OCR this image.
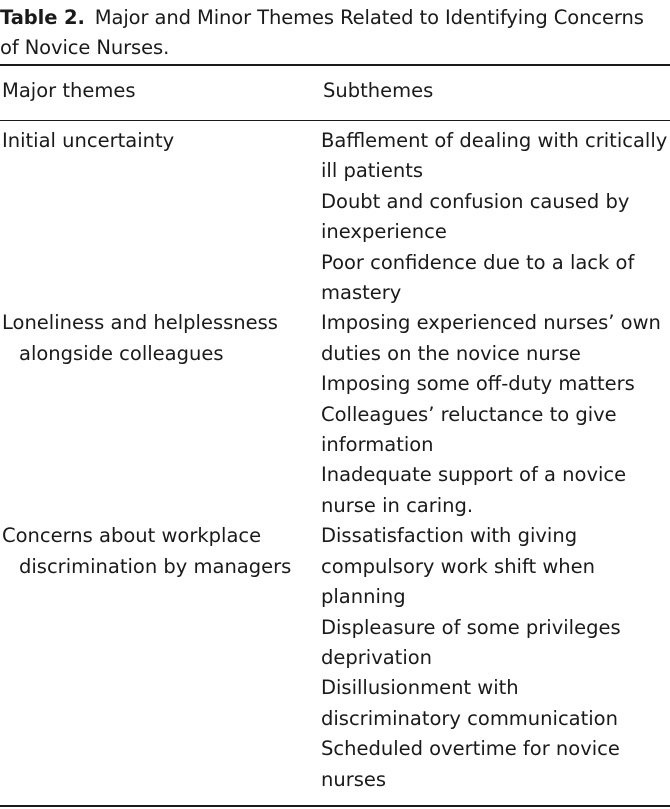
Table 2. Major and Minor Themes Related to Identifying Concerns
of Novice Nurses.
Major themes	Subthemes
Initial uncertainty	Bafflement of dealing with critically
ill patients
Doubt and confusion caused by
inexperience
Poor confidence due to a lack of
mastery
Loneliness and helplessness
alongside colleagues
Imposing experienced nurses’ own
duties on the novice nurse
Imposing some off-duty matters
Colleagues’ reluctance to give
information
Inadequate support of a novice
nurse in caring.
Concerns about workplace
discrimination by managers
Dissatisfaction with giving
compulsory work shift when
planning
Displeasure of some privileges
deprivation
Disillusionment with
discriminatory communication
Scheduled overtime for novice
nurses
